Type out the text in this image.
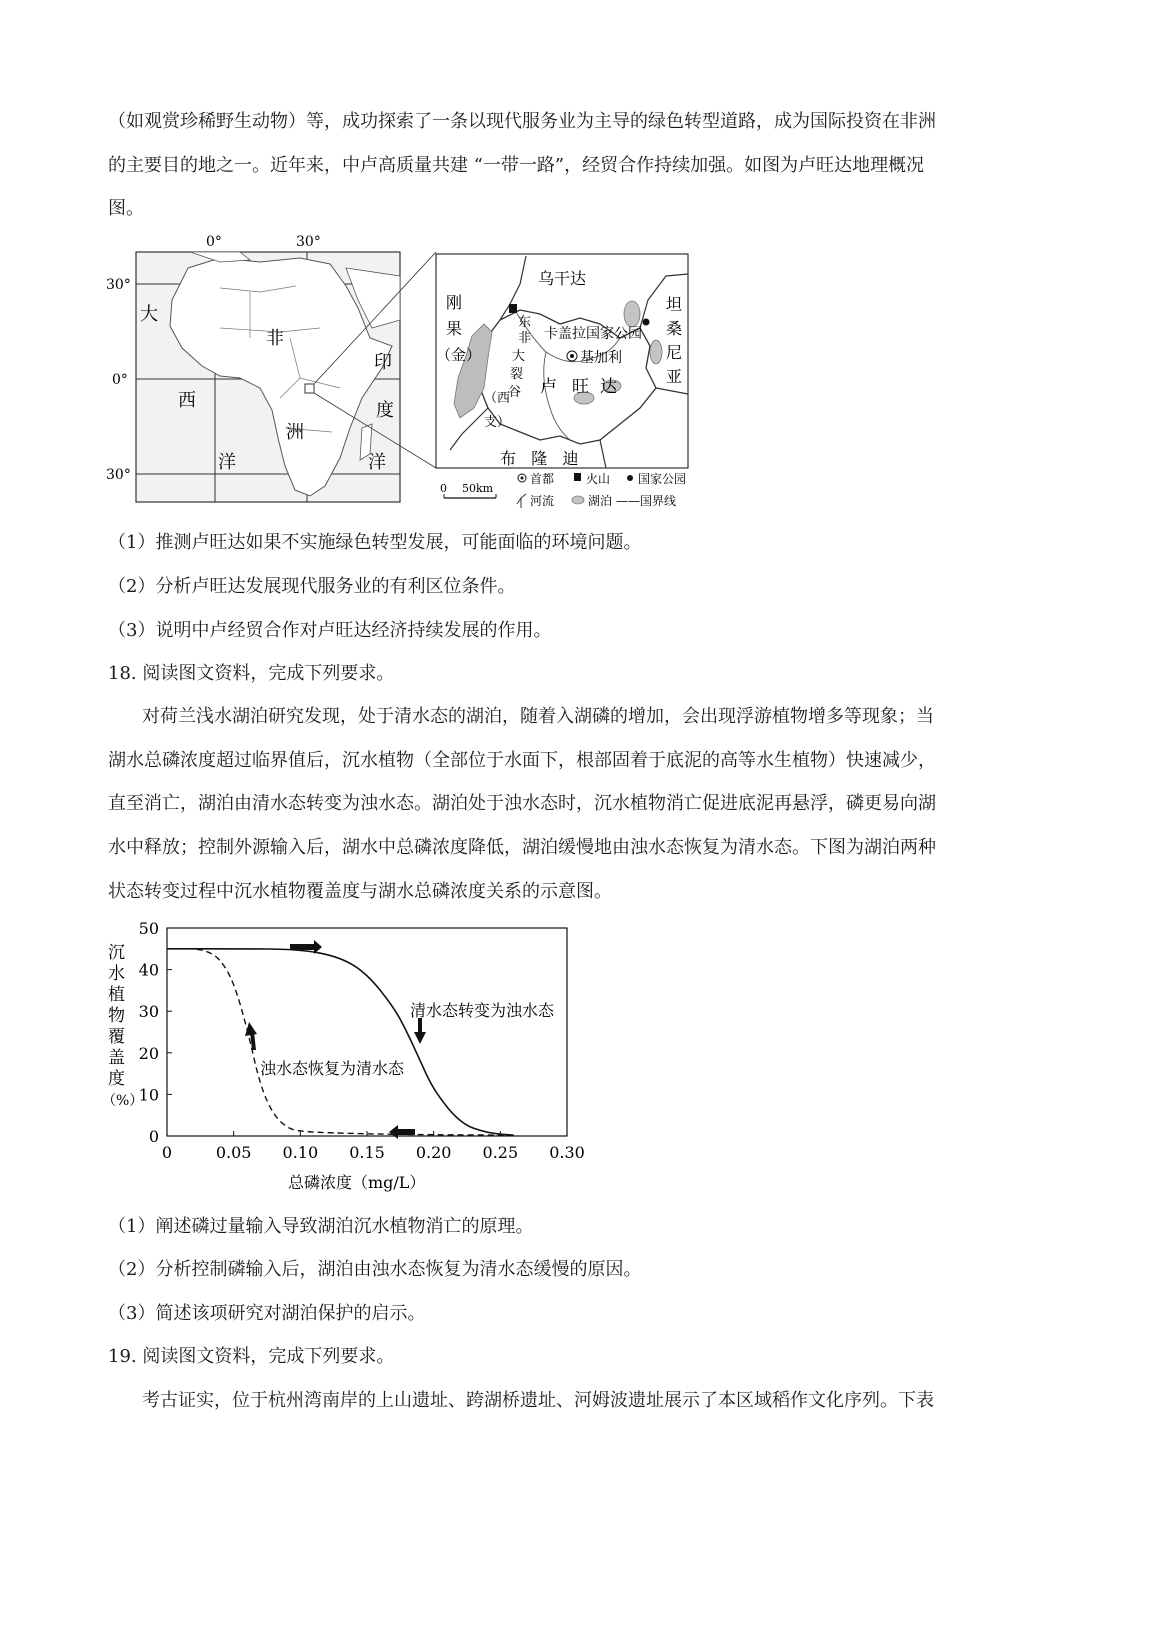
（如观赏珍稀野生动物）等，成功探索了一条以现代服务业为主导的绿色转型道路，成为国际投资在非洲
的主要目的地之一。近年来，中卢高质量共建 “一带一路”，经贸合作持续加强。如图为卢旺达地理概况
图。
0°	30°
30°
0°
30°
大
西
洋
非
洲
印
度
洋
乌干达
坦
桑
尼
亚
刚
果
（金）
东
非
大
裂
谷
（西
支）
卡盖拉国家公园
基加利
卢 旺 达
布   隆   迪
0 50km
首都	火山 国家公园
河流	湖泊 ——国界线
（1）推测卢旺达如果不实施绿色转型发展，可能面临的环境问题。
（2）分析卢旺达发展现代服务业的有利区位条件。
（3）说明中卢经贸合作对卢旺达经济持续发展的作用。
18. 阅读图文资料，完成下列要求。
对荷兰浅水湖泊研究发现，处于清水态的湖泊，随着入湖磷的增加，会出现浮游植物增多等现象；当
湖水总磷浓度超过临界值后，沉水植物（全部位于水面下，根部固着于底泥的高等水生植物）快速减少，
直至消亡，湖泊由清水态转变为浊水态。湖泊处于浊水态时，沉水植物消亡促进底泥再悬浮，磷更易向湖
水中释放；控制外源输入后，湖水中总磷浓度降低，湖泊缓慢地由浊水态恢复为清水态。下图为湖泊两种
状态转变过程中沉水植物覆盖度与湖水总磷浓度关系的示意图。
沉
水
植
物
覆
盖
度
（%）
0	0.05 0.10 0.15 0.20 0.25 0.30
0
10
20
30
40
50
清水态转变为浊水态
浊水态恢复为清水态
总磷浓度（mg/L）
（1）阐述磷过量输入导致湖泊沉水植物消亡的原理。
（2）分析控制磷输入后，湖泊由浊水态恢复为清水态缓慢的原因。
（3）简述该项研究对湖泊保护的启示。
19. 阅读图文资料，完成下列要求。
考古证实，位于杭州湾南岸的上山遗址、跨湖桥遗址、河姆波遗址展示了本区域稻作文化序列。下表
